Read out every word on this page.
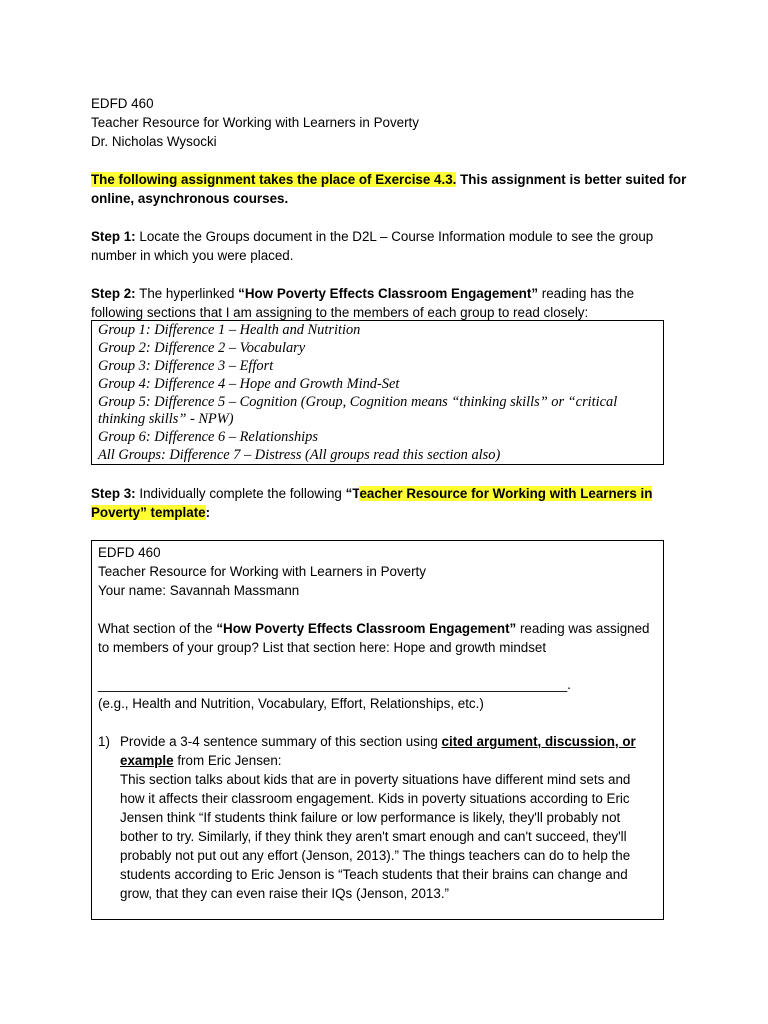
EDFD 460
Teacher Resource for Working with Learners in Poverty
Dr. Nicholas Wysocki
The following assignment takes the place of Exercise 4.3. This assignment is better suited for
online, asynchronous courses.
Step 1: Locate the Groups document in the D2L – Course Information module to see the group
number in which you were placed.
Step 2: The hyperlinked “How Poverty Effects Classroom Engagement” reading has the
following sections that I am assigning to the members of each group to read closely:
Group 1: Difference 1 – Health and Nutrition
Group 2: Difference 2 – Vocabulary
Group 3: Difference 3 – Effort
Group 4: Difference 4 – Hope and Growth Mind-Set
Group 5: Difference 5 – Cognition (Group, Cognition means “thinking skills” or “critical
thinking skills” - NPW)
Group 6: Difference 6 – Relationships
All Groups: Difference 7 – Distress (All groups read this section also)
Step 3: Individually complete the following “Teacher Resource for Working with Learners in
Poverty” template:
EDFD 460
Teacher Resource for Working with Learners in Poverty
Your name: Savannah Massmann
What section of the “How Poverty Effects Classroom Engagement” reading was assigned
to members of your group? List that section here: Hope and growth mindset
_______________________________________________________________.
(e.g., Health and Nutrition, Vocabulary, Effort, Relationships, etc.)
1) Provide a 3-4 sentence summary of this section using cited argument, discussion, or
example from Eric Jensen:
This section talks about kids that are in poverty situations have different mind sets and
how it affects their classroom engagement. Kids in poverty situations according to Eric
Jensen think “If students think failure or low performance is likely, they'll probably not
bother to try. Similarly, if they think they aren't smart enough and can't succeed, they'll
probably not put out any effort (Jenson, 2013).” The things teachers can do to help the
students according to Eric Jenson is “Teach students that their brains can change and
grow, that they can even raise their IQs (Jenson, 2013.”
